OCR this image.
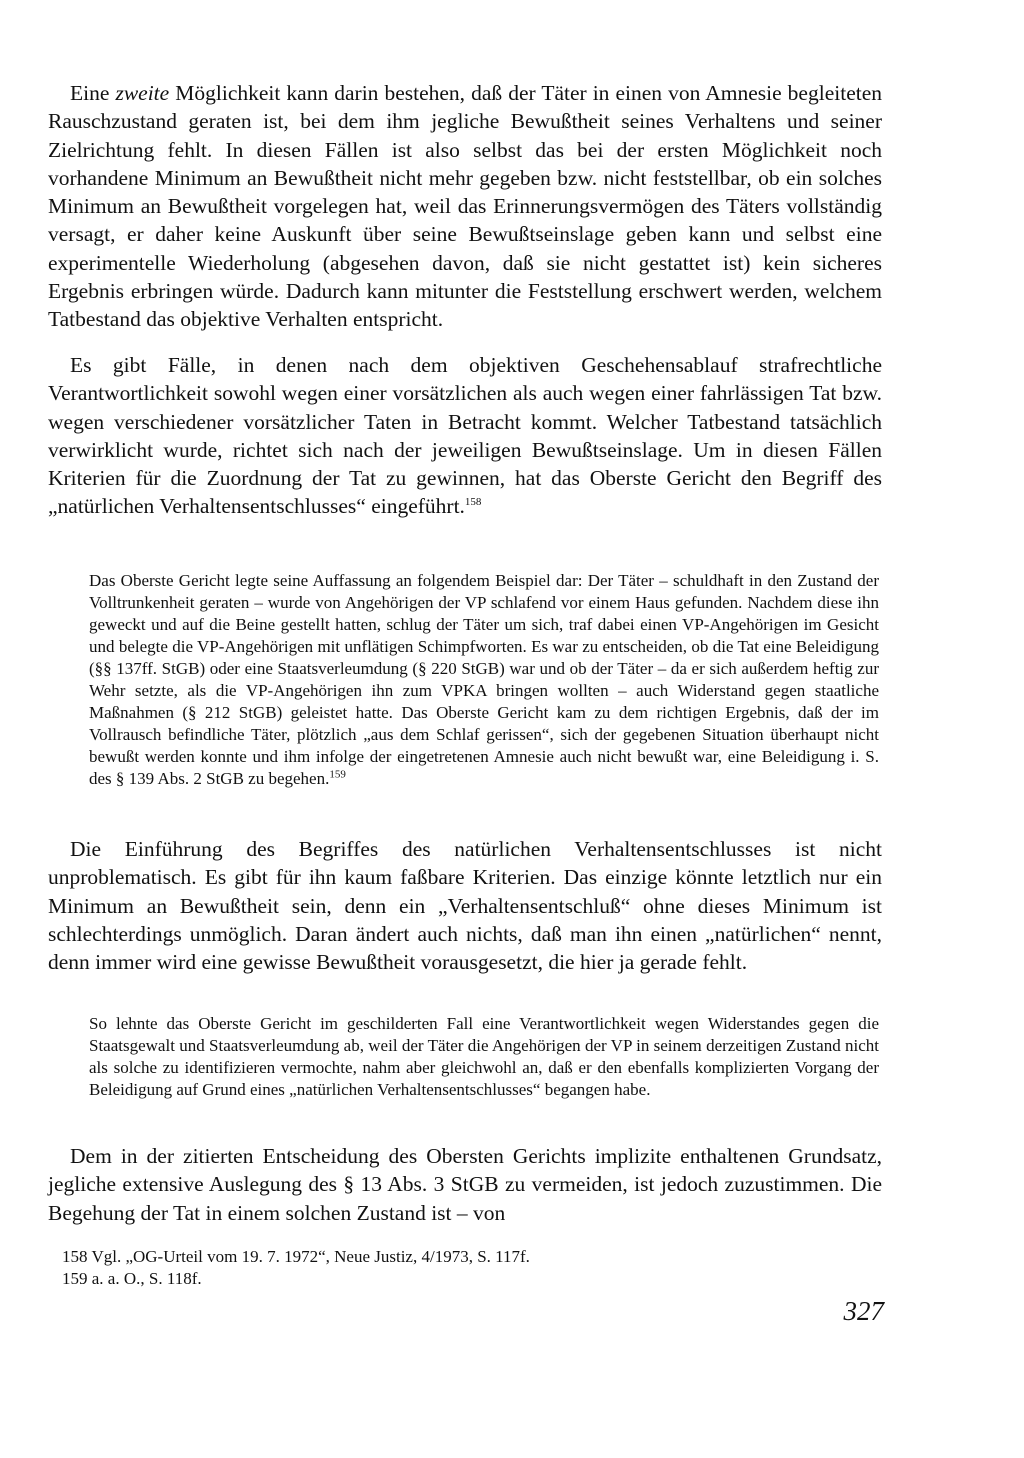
Eine zweite Möglichkeit kann darin bestehen, daß der Täter in einen von Amnesie begleiteten Rauschzustand geraten ist, bei dem ihm jegliche Bewußtheit seines Verhaltens und seiner Zielrichtung fehlt. In diesen Fällen ist also selbst das bei der ersten Möglichkeit noch vorhandene Minimum an Bewußtheit nicht mehr gegeben bzw. nicht feststellbar, ob ein solches Minimum an Bewußtheit vorgelegen hat, weil das Erinnerungsvermögen des Täters vollständig versagt, er daher keine Auskunft über seine Bewußtseinslage geben kann und selbst eine experimentelle Wiederholung (abgesehen davon, daß sie nicht gestattet ist) kein sicheres Ergebnis erbringen würde. Dadurch kann mitunter die Feststellung erschwert werden, welchem Tatbestand das objektive Verhalten entspricht.

Es gibt Fälle, in denen nach dem objektiven Geschehensablauf strafrechtliche Verantwortlichkeit sowohl wegen einer vorsätzlichen als auch wegen einer fahrlässigen Tat bzw. wegen verschiedener vorsätzlicher Taten in Betracht kommt. Welcher Tatbestand tatsächlich verwirklicht wurde, richtet sich nach der jeweiligen Bewußtseinslage. Um in diesen Fällen Kriterien für die Zuordnung der Tat zu gewinnen, hat das Oberste Gericht den Begriff des „natürlichen Verhaltensentschlusses“ eingeführt.$^{158}$

Das Oberste Gericht legte seine Auffassung an folgendem Beispiel dar: Der Täter – schuldhaft in den Zustand der Volltrunkenheit geraten – wurde von Angehörigen der VP schlafend vor einem Haus gefunden. Nachdem diese ihn geweckt und auf die Beine gestellt hatten, schlug der Täter um sich, traf dabei einen VP-Angehörigen im Gesicht und belegte die VP-Angehörigen mit unflätigen Schimpfworten. Es war zu entscheiden, ob die Tat eine Beleidigung (§§ 137ff. StGB) oder eine Staatsverleumdung (§ 220 StGB) war und ob der Täter – da er sich außerdem heftig zur Wehr setzte, als die VP-Angehörigen ihn zum VPKA bringen wollten – auch Widerstand gegen staatliche Maßnahmen (§ 212 StGB) geleistet hatte. Das Oberste Gericht kam zu dem richtigen Ergebnis, daß der im Vollrausch befindliche Täter, plötzlich „aus dem Schlaf gerissen“, sich der gegebenen Situation überhaupt nicht bewußt werden konnte und ihm infolge der eingetretenen Amnesie auch nicht bewußt war, eine Beleidigung i. S. des § 139 Abs. 2 StGB zu begehen.$^{159}$

Die Einführung des Begriffes des natürlichen Verhaltensentschlusses ist nicht unproblematisch. Es gibt für ihn kaum faßbare Kriterien. Das einzige könnte letztlich nur ein Minimum an Bewußtheit sein, denn ein „Verhaltensentschluß“ ohne dieses Minimum ist schlechterdings unmöglich. Daran ändert auch nichts, daß man ihn einen „natürlichen“ nennt, denn immer wird eine gewisse Bewußtheit vorausgesetzt, die hier ja gerade fehlt.

So lehnte das Oberste Gericht im geschilderten Fall eine Verantwortlichkeit wegen Widerstandes gegen die Staatsgewalt und Staatsverleumdung ab, weil der Täter die Angehörigen der VP in seinem derzeitigen Zustand nicht als solche zu identifizieren vermochte, nahm aber gleichwohl an, daß er den ebenfalls komplizierten Vorgang der Beleidigung auf Grund eines „natürlichen Verhaltensentschlusses“ begangen habe.

Dem in der zitierten Entscheidung des Obersten Gerichts implizite enthaltenen Grundsatz, jegliche extensive Auslegung des § 13 Abs. 3 StGB zu vermeiden, ist jedoch zuzustimmen. Die Begehung der Tat in einem solchen Zustand ist – von

158 Vgl. „OG-Urteil vom 19. 7. 1972“, Neue Justiz, 4/1973, S. 117f.

159 a. a. O., S. 118f.

327
